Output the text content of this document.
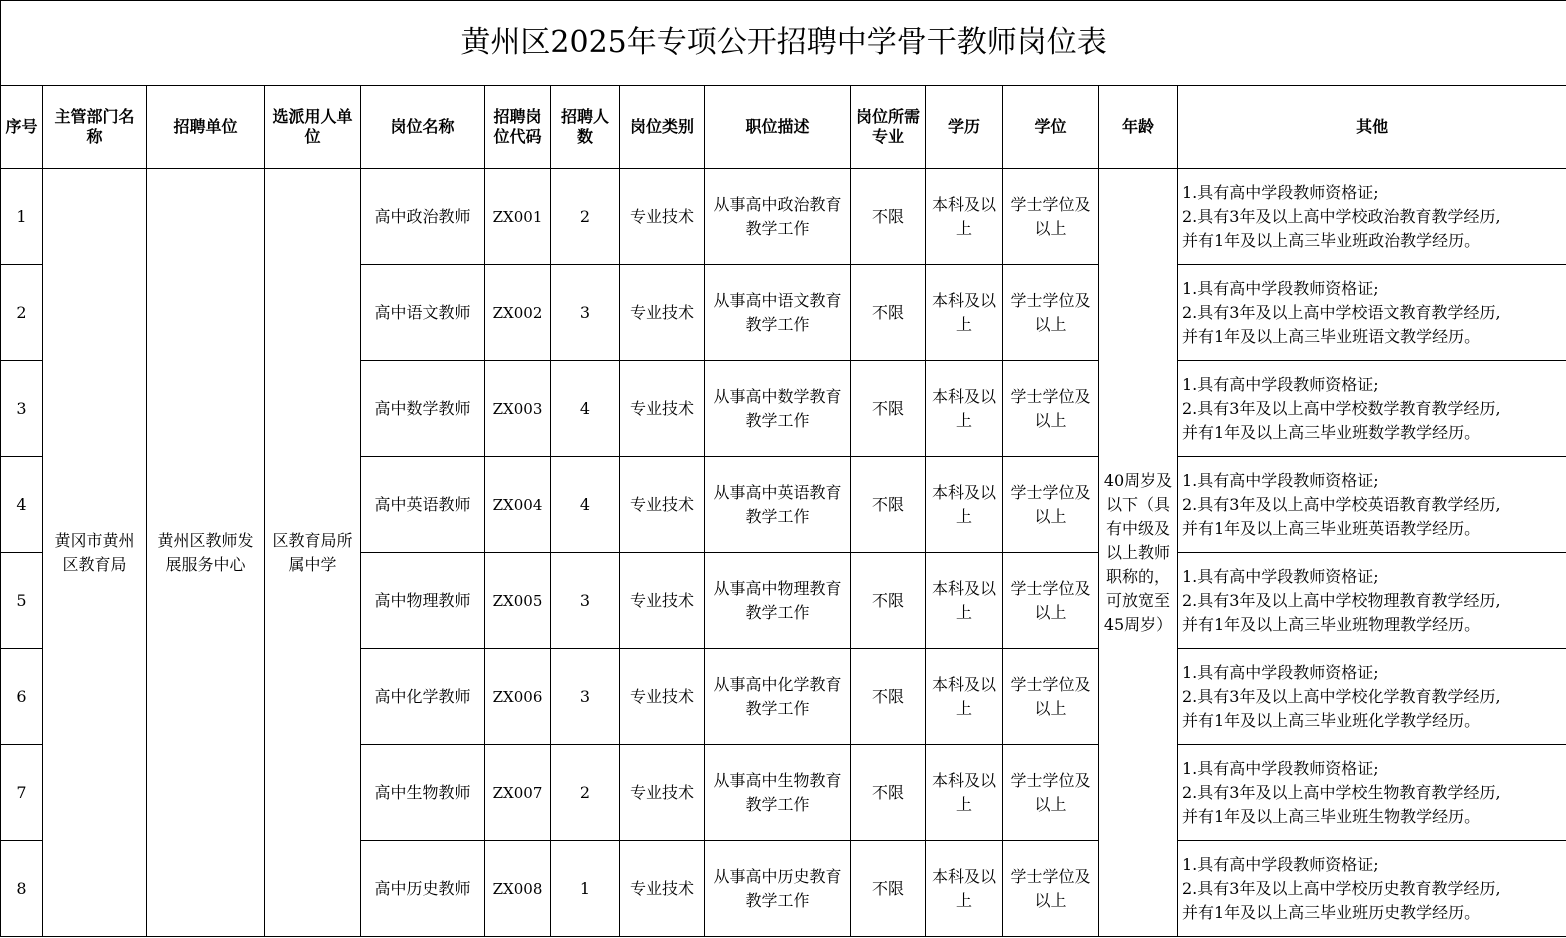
黄州区2025年专项公开招聘中学骨干教师岗位表													
序号	主管部门名称	招聘单位	选派用人单位	岗位名称	招聘岗位代码	招聘人数	岗位类别	职位描述	岗位所需专业	学历	学位	年龄	其他
1	黄冈市黄州区教育局	黄州区教师发展服务中心	区教育局所属中学	高中政治教师	ZX001	2	专业技术	从事高中政治教育教学工作	不限	本科及以上	学士学位及以上	40周岁及以下（具有中级及以上教师职称的，可放宽至45周岁）	1.具有高中学段教师资格证;
2.具有3年及以上高中学校政治教育教学经历,
并有1年及以上高三毕业班政治教学经历。

2				高中语文教师	ZX002	3	专业技术	从事高中语文教育教学工作	不限	本科及以上	学士学位及以上		1.具有高中学段教师资格证;
2.具有3年及以上高中学校语文教育教学经历,
并有1年及以上高三毕业班语文教学经历。

3				高中数学教师	ZX003	4	专业技术	从事高中数学教育教学工作	不限	本科及以上	学士学位及以上		1.具有高中学段教师资格证;
2.具有3年及以上高中学校数学教育教学经历,
并有1年及以上高三毕业班数学教学经历。

4				高中英语教师	ZX004	4	专业技术	从事高中英语教育教学工作	不限	本科及以上	学士学位及以上		1.具有高中学段教师资格证;
2.具有3年及以上高中学校英语教育教学经历,
并有1年及以上高三毕业班英语教学经历。

5				高中物理教师	ZX005	3	专业技术	从事高中物理教育教学工作	不限	本科及以上	学士学位及以上		1.具有高中学段教师资格证;
2.具有3年及以上高中学校物理教育教学经历,
并有1年及以上高三毕业班物理教学经历。

6				高中化学教师	ZX006	3	专业技术	从事高中化学教育教学工作	不限	本科及以上	学士学位及以上		1.具有高中学段教师资格证;
2.具有3年及以上高中学校化学教育教学经历,
并有1年及以上高三毕业班化学教学经历。

7				高中生物教师	ZX007	2	专业技术	从事高中生物教育教学工作	不限	本科及以上	学士学位及以上		1.具有高中学段教师资格证;
2.具有3年及以上高中学校生物教育教学经历,
并有1年及以上高三毕业班生物教学经历。

8				高中历史教师	ZX008	1	专业技术	从事高中历史教育教学工作	不限	本科及以上	学士学位及以上		1.具有高中学段教师资格证;
2.具有3年及以上高中学校历史教育教学经历,
并有1年及以上高三毕业班历史教学经历。
